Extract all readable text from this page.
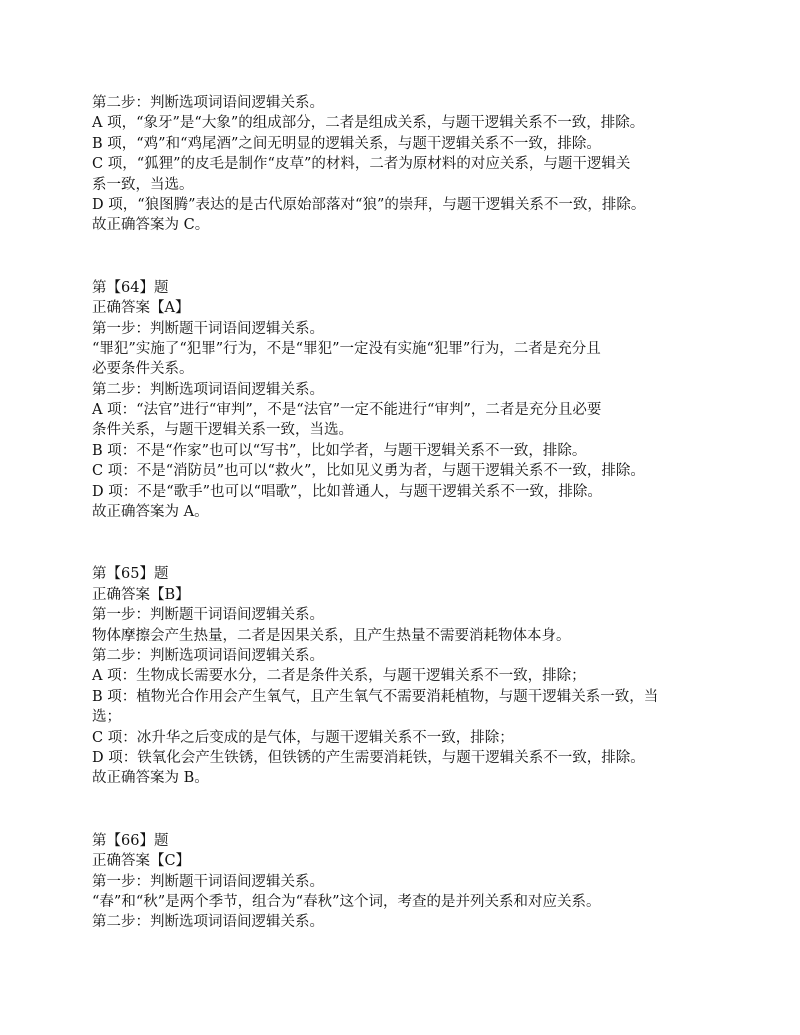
第二步：判断选项词语间逻辑关系。
A 项，“象牙”是“大象”的组成部分，二者是组成关系，与题干逻辑关系不一致，排除。
B 项，“鸡”和“鸡尾酒”之间无明显的逻辑关系，与题干逻辑关系不一致，排除。
C 项，“狐狸”的皮毛是制作“皮草”的材料，二者为原材料的对应关系，与题干逻辑关
系一致，当选。
D 项，“狼图腾”表达的是古代原始部落对“狼”的崇拜，与题干逻辑关系不一致，排除。
故正确答案为 C。
第【64】题
正确答案【A】
第一步：判断题干词语间逻辑关系。
“罪犯”实施了“犯罪”行为，不是“罪犯”一定没有实施“犯罪”行为，二者是充分且
必要条件关系。
第二步：判断选项词语间逻辑关系。
A 项：“法官”进行“审判”，不是“法官”一定不能进行“审判”，二者是充分且必要
条件关系，与题干逻辑关系一致，当选。
B 项：不是“作家”也可以“写书”，比如学者，与题干逻辑关系不一致，排除。
C 项：不是“消防员”也可以“救火”，比如见义勇为者，与题干逻辑关系不一致，排除。
D 项：不是“歌手”也可以“唱歌”，比如普通人，与题干逻辑关系不一致，排除。
故正确答案为 A。
第【65】题
正确答案【B】
第一步：判断题干词语间逻辑关系。
物体摩擦会产生热量，二者是因果关系，且产生热量不需要消耗物体本身。
第二步：判断选项词语间逻辑关系。
A 项：生物成长需要水分，二者是条件关系，与题干逻辑关系不一致，排除；
B 项：植物光合作用会产生氧气，且产生氧气不需要消耗植物，与题干逻辑关系一致，当
选；
C 项：冰升华之后变成的是气体，与题干逻辑关系不一致，排除；
D 项：铁氧化会产生铁锈，但铁锈的产生需要消耗铁，与题干逻辑关系不一致，排除。
故正确答案为 B。
第【66】题
正确答案【C】
第一步：判断题干词语间逻辑关系。
“春”和“秋”是两个季节，组合为“春秋”这个词，考查的是并列关系和对应关系。
第二步：判断选项词语间逻辑关系。
